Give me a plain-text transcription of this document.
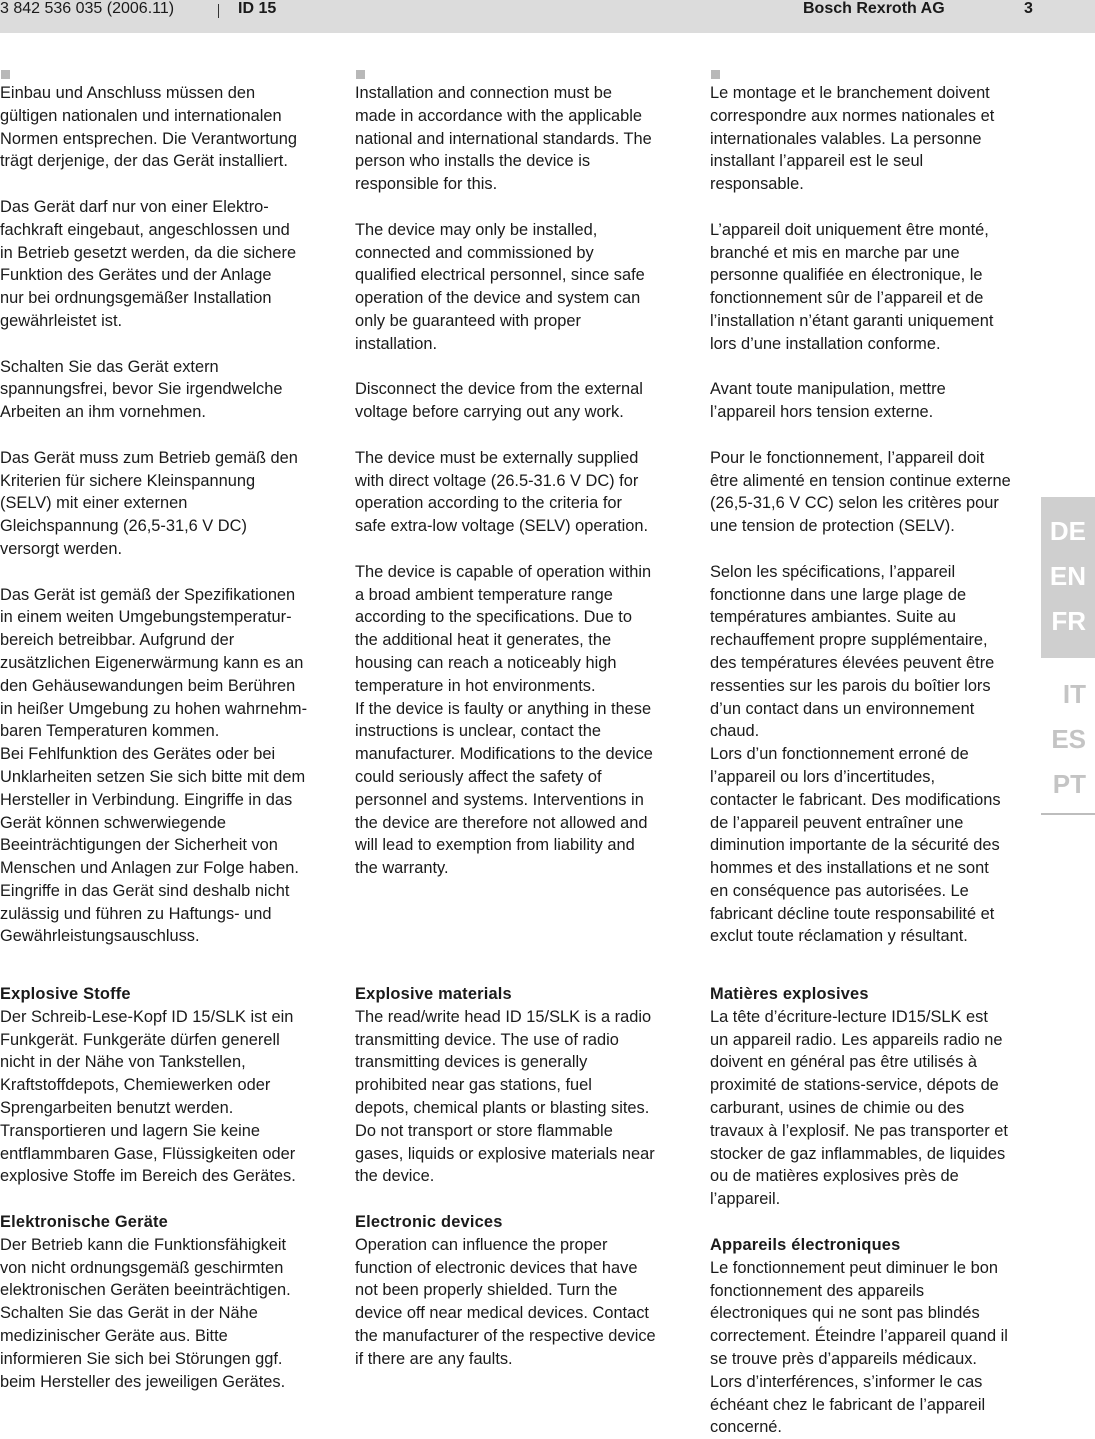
3 842 536 035 (2006.11)	ID 15	Bosch Rexroth AG	3

Einbau und Anschluss müssen den
gültigen nationalen und internationalen
Normen entsprechen. Die Verantwortung
trägt derjenige, der das Gerät installiert.

Das Gerät darf nur von einer Elektro-
fachkraft eingebaut, angeschlossen und
in Betrieb gesetzt werden, da die sichere
Funktion des Gerätes und der Anlage
nur bei ordnungsgemäßer Installation
gewährleistet ist.

Schalten Sie das Gerät extern
spannungsfrei, bevor Sie irgendwelche
Arbeiten an ihm vornehmen.

Das Gerät muss zum Betrieb gemäß den
Kriterien für sichere Kleinspannung
(SELV) mit einer externen
Gleichspannung (26,5-31,6 V DC)
versorgt werden.

Das Gerät ist gemäß der Spezifikationen
in einem weiten Umgebungstemperatur-
bereich betreibbar. Aufgrund der
zusätzlichen Eigenerwärmung kann es an
den Gehäusewandungen beim Berühren
in heißer Umgebung zu hohen wahrnehm-
baren Temperaturen kommen.
Bei Fehlfunktion des Gerätes oder bei
Unklarheiten setzen Sie sich bitte mit dem
Hersteller in Verbindung. Eingriffe in das
Gerät können schwerwiegende
Beeinträchtigungen der Sicherheit von
Menschen und Anlagen zur Folge haben.
Eingriffe in das Gerät sind deshalb nicht
zulässig und führen zu Haftungs- und
Gewährleistungsauschluss.

Installation and connection must be
made in accordance with the applicable
national and international standards. The
person who installs the device is
responsible for this.

The device may only be installed,
connected and commissioned by
qualified electrical personnel, since safe
operation of the device and system can
only be guaranteed with proper
installation.

Disconnect the device from the external
voltage before carrying out any work.

The device must be externally supplied
with direct voltage (26.5-31.6 V DC) for
operation according to the criteria for
safe extra-low voltage (SELV) operation.

The device is capable of operation within
a broad ambient temperature range
according to the specifications. Due to
the additional heat it generates, the
housing can reach a noticeably high
temperature in hot environments.
If the device is faulty or anything in these
instructions is unclear, contact the
manufacturer. Modifications to the device
could seriously affect the safety of
personnel and systems. Interventions in
the device are therefore not allowed and
will lead to exemption from liability and
the warranty.

Le montage et le branchement doivent
correspondre aux normes nationales et
internationales valables. La personne
installant l’appareil est le seul
responsable.

L’appareil doit uniquement être monté,
branché et mis en marche par une
personne qualifiée en électronique, le
fonctionnement sûr de l’appareil et de
l’installation n’étant garanti uniquement
lors d’une installation conforme.

Avant toute manipulation, mettre
l’appareil hors tension externe.

Pour le fonctionnement, l’appareil doit
être alimenté en tension continue externe
(26,5-31,6 V CC) selon les critères pour
une tension de protection (SELV).

Selon les spécifications, l’appareil
fonctionne dans une large plage de
températures ambiantes. Suite au
rechauffement propre supplémentaire,
des températures élevées peuvent être
ressenties sur les parois du boîtier lors
d’un contact dans un environnement
chaud.
Lors d’un fonctionnement erroné de
l’appareil ou lors d’incertitudes,
contacter le fabricant. Des modifications
de l’appareil peuvent entraîner une
diminution importante de la sécurité des
hommes et des installations et ne sont
en conséquence pas autorisées. Le
fabricant décline toute responsabilité et
exclut toute réclamation y résultant.

Explosive Stoffe

Der Schreib-Lese-Kopf ID 15/SLK ist ein
Funkgerät. Funkgeräte dürfen generell
nicht in der Nähe von Tankstellen,
Kraftstoffdepots, Chemiewerken oder
Sprengarbeiten benutzt werden.
Transportieren und lagern Sie keine
entflammbaren Gase, Flüssigkeiten oder
explosive Stoffe im Bereich des Gerätes.

Explosive materials

The read/write head ID 15/SLK is a radio
transmitting device. The use of radio
transmitting devices is generally
prohibited near gas stations, fuel
depots, chemical plants or blasting sites.
Do not transport or store flammable
gases, liquids or explosive materials near
the device.

Matières explosives

La tête d’écriture-lecture ID15/SLK est
un appareil radio. Les appareils radio ne
doivent en général pas être utilisés à
proximité de stations-service, dépots de
carburant, usines de chimie ou des
travaux à l’explosif. Ne pas transporter et
stocker de gaz inflammables, de liquides
ou de matières explosives près de
l’appareil.

Elektronische Geräte

Der Betrieb kann die Funktionsfähigkeit
von nicht ordnungsgemäß geschirmten
elektronischen Geräten beeinträchtigen.
Schalten Sie das Gerät in der Nähe
medizinischer Geräte aus. Bitte
informieren Sie sich bei Störungen ggf.
beim Hersteller des jeweiligen Gerätes.

Electronic devices

Operation can influence the proper
function of electronic devices that have
not been properly shielded. Turn the
device off near medical devices. Contact
the manufacturer of the respective device
if there are any faults.

Appareils électroniques

Le fonctionnement peut diminuer le bon
fonctionnement des appareils
électroniques qui ne sont pas blindés
correctement. Éteindre l’appareil quand il
se trouve près d’appareils médicaux.
Lors d’interférences, s’informer le cas
échéant chez le fabricant de l’appareil
concerné.

DE
EN
FR
IT
ES
PT
